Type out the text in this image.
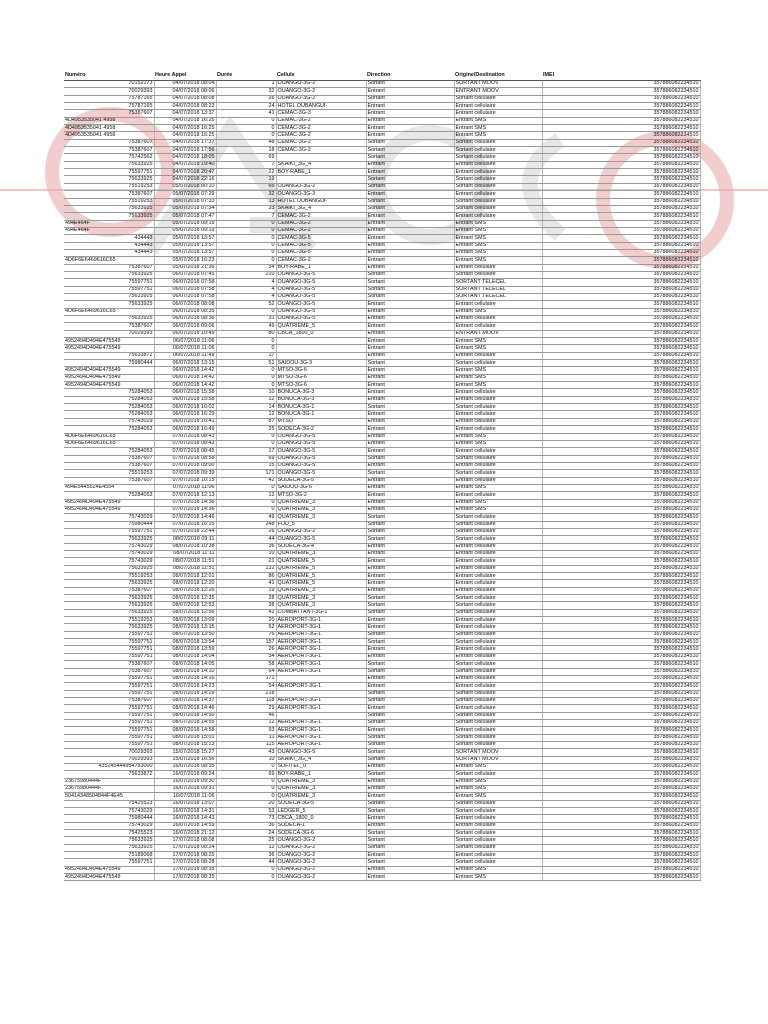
Numéro	Heure Appel	Durée	Cellule	Direction	Origine/Destination	IMEI
70152173	04/07/2018 08:04	1	OUANGO-3G-2	Sortant	SORTANT MOOV	357886082234510
70029393	04/07/2018 08:06	32	OUANGO-3G-2	Entrant	ENTRANT MOOV	357886082234510
75787165	04/07/2018 08:08	26	OUANGO-3G-2	Sortant	Sortant cellulaire	357886082234510
75787165	04/07/2018 08:23	24	HOTEL OUBANGUI-	Entrant	Entrant cellulaire	357886082234510
75387607	04/07/2018 13:37	41	CEMAC-3G-3	Entrant	Entrant cellulaire	357886082234510
4D4953535041 4958	04/07/2018 16:25	0	CEMAC-3G-2	Entrant	Entrant SMS	357886082234510
4D4953535041 4958	04/07/2018 16:25	0	CEMAC-3G-2	Entrant	Entrant SMS	357886082234510
4D4953535041 4958	04/07/2018 16:25	0	CEMAC-3G-2	Entrant	Entrant SMS	357886082234510
75387607	04/07/2018 17:37	48	CEMAC-3G-2	Sortant	Sortant cellulaire	357886082234510
75387607	04/07/2018 17:56	18	CEMAC-3G-2	Sortant	Sortant cellulaire	357886082234510
75742562	04/07/2018 18:05	69		Sortant	Sortant cellulaire	357886082234510
75633925	04/07/2018 19:40	7	SKAIKI_3G_4	Entrant	Entrant cellulaire	357886082234510
75597751	04/07/2018 20:47	22	BOY-RABE_1	Entrant	Entrant cellulaire	357886082234510
75633925	04/07/2018 22:16	19		Sortant	Sortant cellulaire	357886082234510
75519253	05/07/2018 00:10	66	OUANGO-3G-2	Sortant	Sortant cellulaire	357886082234510
75387607	05/07/2018 07:29	32	OUANGO-3G-3	Entrant	Entrant cellulaire	357886082234510
75519253	05/07/2018 07:33	13	HOTEL OUBANGUI-	Sortant	Sortant cellulaire	357886082234510
75633925	05/07/2018 07:34	33	SKAIKI_3G_4	Sortant	Sortant cellulaire	357886082234510
75633925	05/07/2018 07:47	7	CEMAC-3G-2	Entrant	Entrant cellulaire	357886082234510
494E464F	05/07/2018 09:19	0	CEMAC-3G-2	Entrant	Entrant SMS	357886082234510
494E464F	05/07/2018 09:19	0	CEMAC-3G-2	Entrant	Entrant SMS	357886082234510
434443	05/07/2018 13:57	0	CEMAC-3G-5	Entrant	Entrant SMS	357886082234510
434443	05/07/2018 13:57	0	CEMAC-3G-5	Entrant	Entrant SMS	357886082234510
434443	05/07/2018 13:57	0	CEMAC-3G-5	Entrant	Entrant SMS	357886082234510
4D6F6E6469616C65	05/07/2018 16:23	0	CEMAC-3G-2	Entrant	Entrant SMS	357886082234510
75387607	05/07/2018 21:36	34	BOY-RABE_1	Entrant	Entrant cellulaire	357886082234510
75633925	06/07/2018 07:45	210	OUANGO-3G-5	Sortant	Sortant cellulaire	357886082234510
75597751	06/07/2018 07:58	4	OUANGO-3G-5	Sortant	SORTANT TELECEL	357886082234510
75597751	06/07/2018 07:58	4	OUANGO-3G-5	Sortant	SORTANT TELECEL	357886082234510
75633925	06/07/2018 07:58	4	OUANGO-3G-5	Sortant	SORTANT TELECEL	357886082234510
75633925	06/07/2018 08:08	52	OUANGO-3G-5	Entrant	Entrant cellulaire	357886082234510
4D6F6E6469616C65	06/07/2018 08:35	0	OUANGO-3G-5	Entrant	Entrant SMS	357886082234510
75633925	06/07/2018 08:36	31	OUANGO-3G-5	Entrant	Entrant cellulaire	357886082234510
75387607	06/07/2018 09:06	49	QUATRIEME_5	Entrant	Entrant cellulaire	357886082234510
70029393	06/07/2018 10:49	80	CBCA_1800_0	Entrant	ENTRANT MOOV	357886082234510
4952494D494E475549	06/07/2018 11:06	0		Entrant	Entrant SMS	357886082234510
4952494D494E475549	06/07/2018 11:06	0		Entrant	Entrant SMS	357886082234510
75633872	06/07/2018 11:49	17		Entrant	Entrant cellulaire	357886082234510
75980444	06/07/2018 13:15	51	SAIDOU-3G-3	Sortant	Sortant cellulaire	357886082234510
4952494D494E475549	06/07/2018 14:42	0	MTSO-3G-6	Entrant	Entrant SMS	357886082234510
4952494D494E475549	06/07/2018 14:42	0	MTSO-3G-6	Entrant	Entrant SMS	357886082234510
4952494D494E475549	06/07/2018 14:42	0	MTSO-3G-6	Entrant	Entrant SMS	357886082234510
75284053	06/07/2018 15:58	10	BONUCA-3G-3	Entrant	Entrant cellulaire	357886082234510
75284053	06/07/2018 15:58	12	BONUCA-3G-3	Entrant	Entrant cellulaire	357886082234510
75284053	06/07/2018 16:02	14	BONUCA-3G-1	Sortant	Sortant cellulaire	357886082234510
75284053	06/07/2018 16:29	12	BONUCA-3G-1	Entrant	Entrant cellulaire	357886082234510
75743029	06/07/2018 16:41	87	MTSO	Entrant	Entrant cellulaire	357886082234510
75284053	06/07/2018 16:49	25	SODECA-3G-2	Entrant	Entrant cellulaire	357886082234510
4D6F6E6469616C65	07/07/2018 08:43	0	OUANGO-3G-5	Entrant	Entrant SMS	357886082234510
4D6F6E6469616C65	07/07/2018 08:43	0	OUANGO-3G-5	Entrant	Entrant SMS	357886082234510
75284053	07/07/2018 08:45	17	OUANGO-3G-5	Entrant	Entrant cellulaire	357886082234510
75387607	07/07/2018 08:58	69	OUANGO-3G-5	Sortant	Sortant cellulaire	357886082234510
75387607	07/07/2018 09:00	15	OUANGO-3G-5	Entrant	Entrant cellulaire	357886082234510
75519253	07/07/2018 09:39	171	OUANGO-3G-5	Sortant	Sortant cellulaire	357886082234510
75387607	07/07/2018 10:15	42	SODECA-3G-5	Entrant	Entrant cellulaire	357886082234510
494E5445524E4554	07/07/2018 11:06	0	SAIDOU-3G-6	Entrant	Entrant SMS	357886082234510
75284053	07/07/2018 12:13	12	MTSO-3G-2	Entrant	Entrant cellulaire	357886082234510
4952494D494E475549	07/07/2018 14:36	0	QUATRIEME_3	Entrant	Entrant SMS	357886082234510
4952494D494E475549	07/07/2018 14:36	0	QUATRIEME_3	Entrant	Entrant SMS	357886082234510
75743029	07/07/2018 14:46	49	QUATRIEME_3	Sortant	Sortant cellulaire	357886082234510
75980444	07/07/2018 16:15	248	FOU_5	Sortant	Sortant cellulaire	357886082234510
75597751	07/07/2018 22:44	26	OUANGO-3G-2	Sortant	Sortant cellulaire	357886082234510
75633925	08/07/2018 09:11	44	OUANGO-3G-5	Sortant	Sortant cellulaire	357886082234510
75743029	08/07/2018 10:38	36	SODECA-3G-4	Entrant	Entrant cellulaire	357886082234510
75743029	08/07/2018 11:11	10	QUATRIEME_3	Entrant	Entrant cellulaire	357886082234510
75743029	08/07/2018 11:51	21	QUATRIEME_5	Entrant	Entrant cellulaire	357886082234510
75633925	08/07/2018 11:51	132	QUATRIEME_5	Entrant	Entrant cellulaire	357886082234510
75519253	08/07/2018 12:01	86	QUATRIEME_5	Entrant	Entrant cellulaire	357886082234510
75633925	08/07/2018 12:20	41	QUATRIEME_5	Entrant	Entrant cellulaire	357886082234510
75387607	08/07/2018 12:26	19	QUATRIEME_3	Entrant	Entrant cellulaire	357886082234510
75633925	08/07/2018 12:35	28	QUATRIEME_3	Sortant	Sortant cellulaire	357886082234510
75633925	08/07/2018 12:53	38	QUATRIEME_3	Sortant	Sortant cellulaire	357886082234510
75633925	08/07/2018 12:56	42	COMBATTANT-3G-1	Sortant	Sortant cellulaire	357886082234510
75519253	08/07/2018 13:09	20	AEROPORT-3G-1	Entrant	Entrant cellulaire	357886082234510
75633925	08/07/2018 13:15	52	AEROPORT-3G-1	Entrant	Entrant cellulaire	357886082234510
75597751	08/07/2018 13:50	76	AEROPORT-3G-1	Sortant	Sortant cellulaire	357886082234510
75597751	08/07/2018 13:54	157	AEROPORT-3G-1	Sortant	Sortant cellulaire	357886082234510
75597751	08/07/2018 13:59	26	AEROPORT-3G-1	Entrant	Entrant cellulaire	357886082234510
75597751	08/07/2018 14:04	34	AEROPORT-3G-1	Entrant	Entrant cellulaire	357886082234510
75387607	08/07/2018 14:05	58	AEROPORT-3G-1	Sortant	Sortant cellulaire	357886082234510
75387607	08/07/2018 14:10	64	AEROPORT-3G-1	Sortant	Sortant cellulaire	357886082234510
75597751	08/07/2018 14:16	171		Entrant	Entrant cellulaire	357886082234510
75597751	08/07/2018 14:23	54	AEROPORT-3G-1	Entrant	Entrant cellulaire	357886082234510
75597751	08/07/2018 14:29	218		Sortant	Sortant cellulaire	357886082234510
75387607	08/07/2018 14:37	118	AEROPORT-3G-1	Sortant	Sortant cellulaire	357886082234510
75597751	08/07/2018 14:46	29	AEROPORT-3G-1	Entrant	Entrant cellulaire	357886082234510
75597751	08/07/2018 14:50	46		Sortant	Sortant cellulaire	357886082234510
75597751	08/07/2018 14:55	12	AEROPORT-3G-1	Sortant	Sortant cellulaire	357886082234510
75597751	08/07/2018 14:58	93	AEROPORT-3G-1	Entrant	Entrant cellulaire	357886082234510
75597751	08/07/2018 15:01	11	AEROPORT-3G-1	Sortant	Sortant cellulaire	357886082234510
75597751	08/07/2018 15:13	115	AEROPORT-3G-1	Sortant	Sortant cellulaire	357886082234510
70029393	15/07/2018 15:27	43	OUANGO-3G-5	Sortant	SORTANT MOOV	357886082234510
70029393	15/07/2018 16:56	10	SKAIKI_3G_4	Sortant	SORTANT MOOV	357886082234510
435245444954783000	16/07/2018 08:35	0	SOFITEL_0	Entrant	Entrant SMS	357886082234510
75633872	16/07/2018 09:24	69	BOY-RABE_1	Sortant	Sortant cellulaire	357886082234510
23675980444F	16/07/2018 09:30	0	QUATRIEME_3	Entrant	Entrant SMS	357886082234510
23675980444F	16/07/2018 09:31	0	QUATRIEME_3	Entrant	Entrant SMS	357886082234510
50414348504844F4E45	16/07/2018 11:06	0	QUATRIEME_3	Entrant	Entrant SMS	357886082234510
75425523	16/07/2018 13:07	20	SODECA-3G-5	Sortant	Sortant cellulaire	357886082234510
75743029	16/07/2018 14:31	53	LEDGER_5	Sortant	Sortant cellulaire	357886082234510
75980444	16/07/2018 14:43	73	CBCA_1800_0	Entrant	Entrant cellulaire	357886082234510
75743029	16/07/2018 14:59	36	SODECA-1	Entrant	Entrant cellulaire	357886082234510
75425523	16/07/2018 21:12	24	SODECA-3G-6	Sortant	Sortant cellulaire	357886082234510
75633925	17/07/2018 08:08	25	OUANGO-3G-2	Sortant	Sortant cellulaire	357886082234510
75633925	17/07/2018 08:24	12	OUANGO-3G-2	Sortant	Sortant cellulaire	357886082234510
75189068	17/07/2018 08:25	36	OUANGO-3G-2	Entrant	Entrant cellulaire	357886082234510
75597751	17/07/2018 08:28	44	OUANGO-3G-2	Sortant	Sortant cellulaire	357886082234510
4952494D494E475549	17/07/2018 08:35	0	OUANGO-3G-2	Entrant	Entrant SMS	357886082234510
4952494D494E475549	17/07/2018 08:35	0	OUANGO-3G-2	Entrant	Entrant SMS	357886082234510
